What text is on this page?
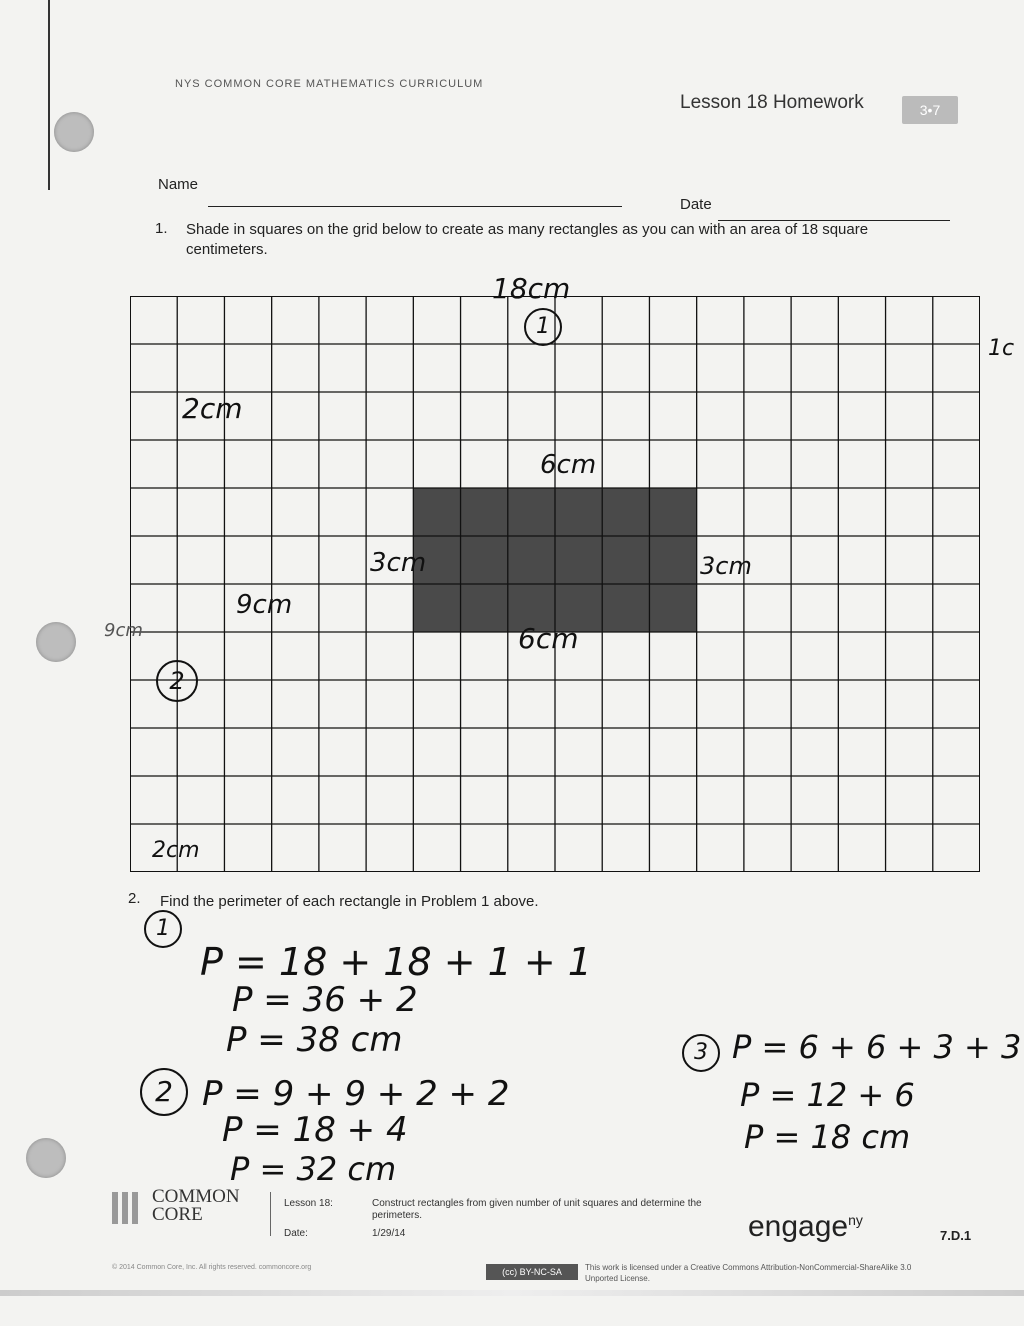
NYS COMMON CORE MATHEMATICS CURRICULUM
Lesson 18 Homework	3•7
Name
Date
1. Shade in squares on the grid below to create as many rectangles as you can with an area of 18 square centimeters.
18cm
1
1c
2cm
6cm
3cm	3cm
6cm
9cm
9cm
2
2cm
2. Find the perimeter of each rectangle in Problem 1 above.
1
P = 18 + 18 + 1 + 1
P = 36 + 2
P = 38 cm
2 P = 9 + 9 + 2 + 2
P = 18 + 4
P = 32 cm
3 P = 6 + 6 + 3 + 3
P = 12 + 6
P = 18 cm
COMMON
CORE
Lesson 18:	Construct rectangles from given number of unit squares and determine the perimeters.
Date:	1/29/14	engage$^{ny}$
7.D.1
© 2014 Common Core, Inc. All rights reserved. commoncore.org	(cc) BY-NC-SA	This work is licensed under a Creative Commons Attribution-NonCommercial-ShareAlike 3.0 Unported License.
